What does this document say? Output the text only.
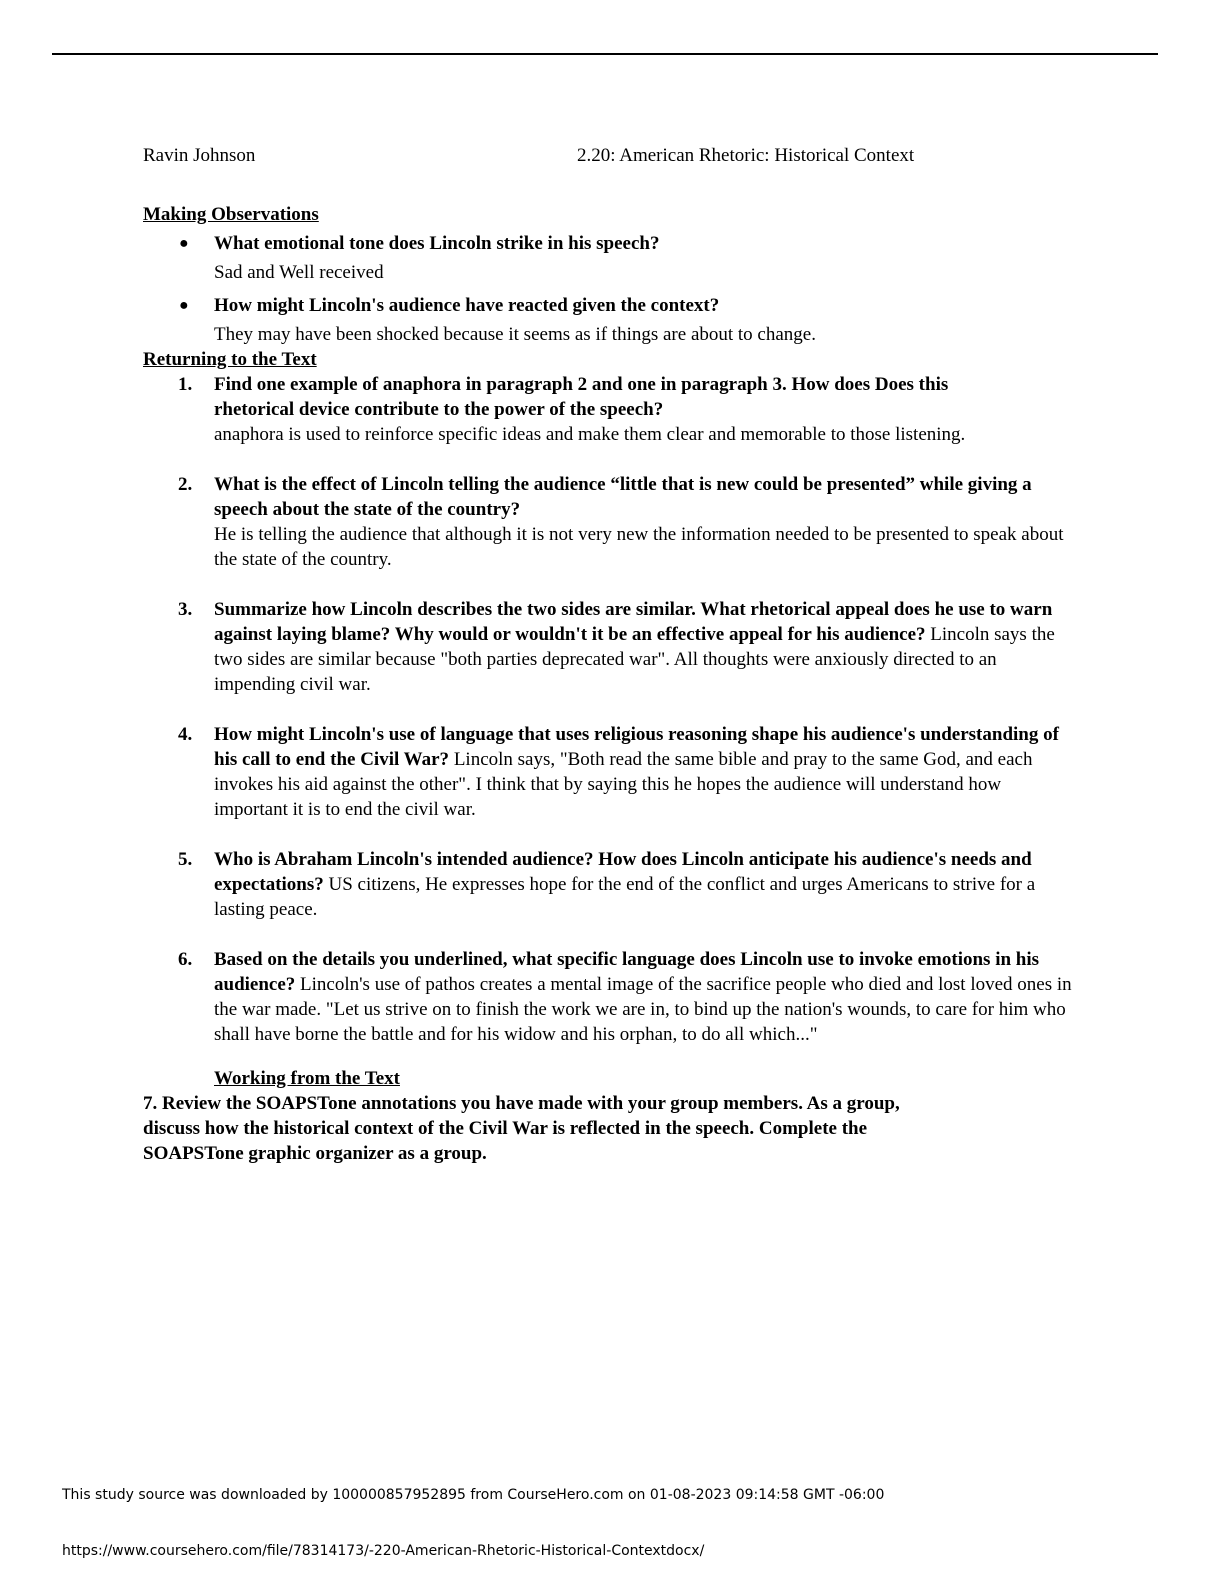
Ravin Johnson	2.20: American Rhetoric: Historical Context

Making Observations

● What emotional tone does Lincoln strike in his speech?
Sad and Well received
● How might Lincoln's audience have reacted given the context?
They may have been shocked because it seems as if things are about to change.

Returning to the Text

1. Find one example of anaphora in paragraph 2 and one in paragraph 3. How does Does this rhetorical device contribute to the power of the speech?
anaphora is used to reinforce specific ideas and make them clear and memorable to those listening.
2. What is the effect of Lincoln telling the audience “little that is new could be presented” while giving a speech about the state of the country?
He is telling the audience that although it is not very new the information needed to be presented to speak about the state of the country.
3. Summarize how Lincoln describes the two sides are similar. What rhetorical appeal does he use to warn against laying blame? Why would or wouldn't it be an effective appeal for his audience? Lincoln says the two sides are similar because "both parties deprecated war". All thoughts were anxiously directed to an impending civil war.
4. How might Lincoln's use of language that uses religious reasoning shape his audience's understanding of his call to end the Civil War? Lincoln says, "Both read the same bible and pray to the same God, and each invokes his aid against the other". I think that by saying this he hopes the audience will understand how important it is to end the civil war.
5. Who is Abraham Lincoln's intended audience? How does Lincoln anticipate his audience's needs and expectations? US citizens, He expresses hope for the end of the conflict and urges Americans to strive for a lasting peace.
6. Based on the details you underlined, what specific language does Lincoln use to invoke emotions in his audience? Lincoln's use of pathos creates a mental image of the sacrifice people who died and lost loved ones in the war made. "Let us strive on to finish the work we are in, to bind up the nation's wounds, to care for him who shall have borne the battle and for his widow and his orphan, to do all which..."

Working from the Text

7. Review the SOAPSTone annotations you have made with your group members. As a group, discuss how the historical context of the Civil War is reflected in the speech. Complete the SOAPSTone graphic organizer as a group.

This study source was downloaded by 100000857952895 from CourseHero.com on 01-08-2023 09:14:58 GMT -06:00
https://www.coursehero.com/file/78314173/-220-American-Rhetoric-Historical-Contextdocx/
